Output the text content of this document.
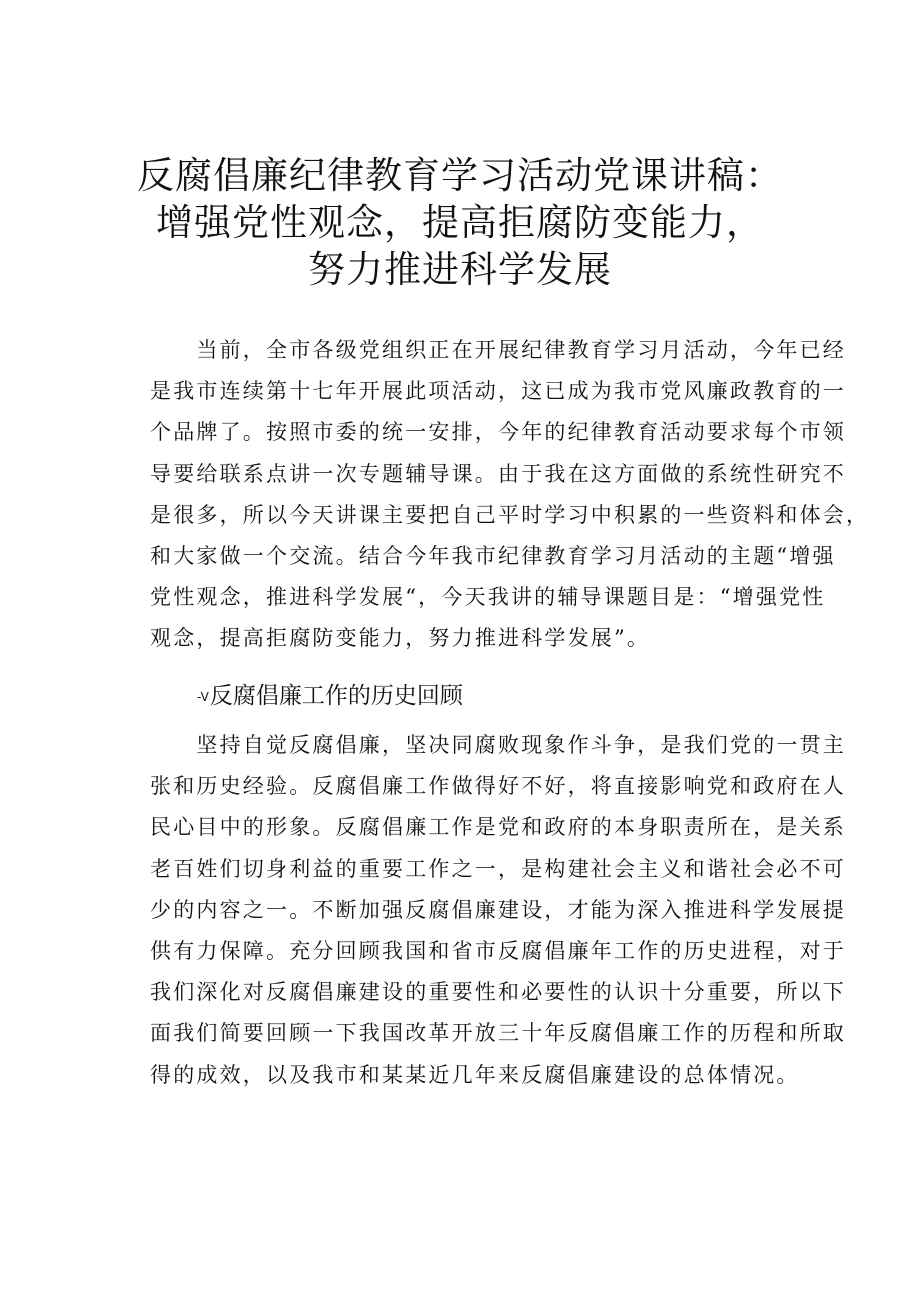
反腐倡廉纪律教育学习活动党课讲稿：
增强党性观念，提高拒腐防变能力，
努力推进科学发展
　　当前，全市各级党组织正在开展纪律教育学习月活动，今年已经
是我市连续第十七年开展此项活动，这已成为我市党风廉政教育的一
个品牌了。按照市委的统一安排，今年的纪律教育活动要求每个市领
导要给联系点讲一次专题辅导课。由于我在这方面做的系统性研究不
是很多，所以今天讲课主要把自己平时学习中积累的一些资料和体会，
和大家做一个交流。结合今年我市纪律教育学习月活动的主题“增强
党性观念，推进科学发展“，今天我讲的辅导课题目是：“增强党性
观念，提高拒腐防变能力，努力推进科学发展”。
-V反腐倡廉工作的历史回顾
　　坚持自觉反腐倡廉，坚决同腐败现象作斗争，是我们党的一贯主
张和历史经验。反腐倡廉工作做得好不好，将直接影响党和政府在人
民心目中的形象。反腐倡廉工作是党和政府的本身职责所在，是关系
老百姓们切身利益的重要工作之一，是构建社会主义和谐社会必不可
少的内容之一。不断加强反腐倡廉建设，才能为深入推进科学发展提
供有力保障。充分回顾我国和省市反腐倡廉年工作的历史进程，对于
我们深化对反腐倡廉建设的重要性和必要性的认识十分重要，所以下
面我们简要回顾一下我国改革开放三十年反腐倡廉工作的历程和所取
得的成效，以及我市和某某近几年来反腐倡廉建设的总体情况。
